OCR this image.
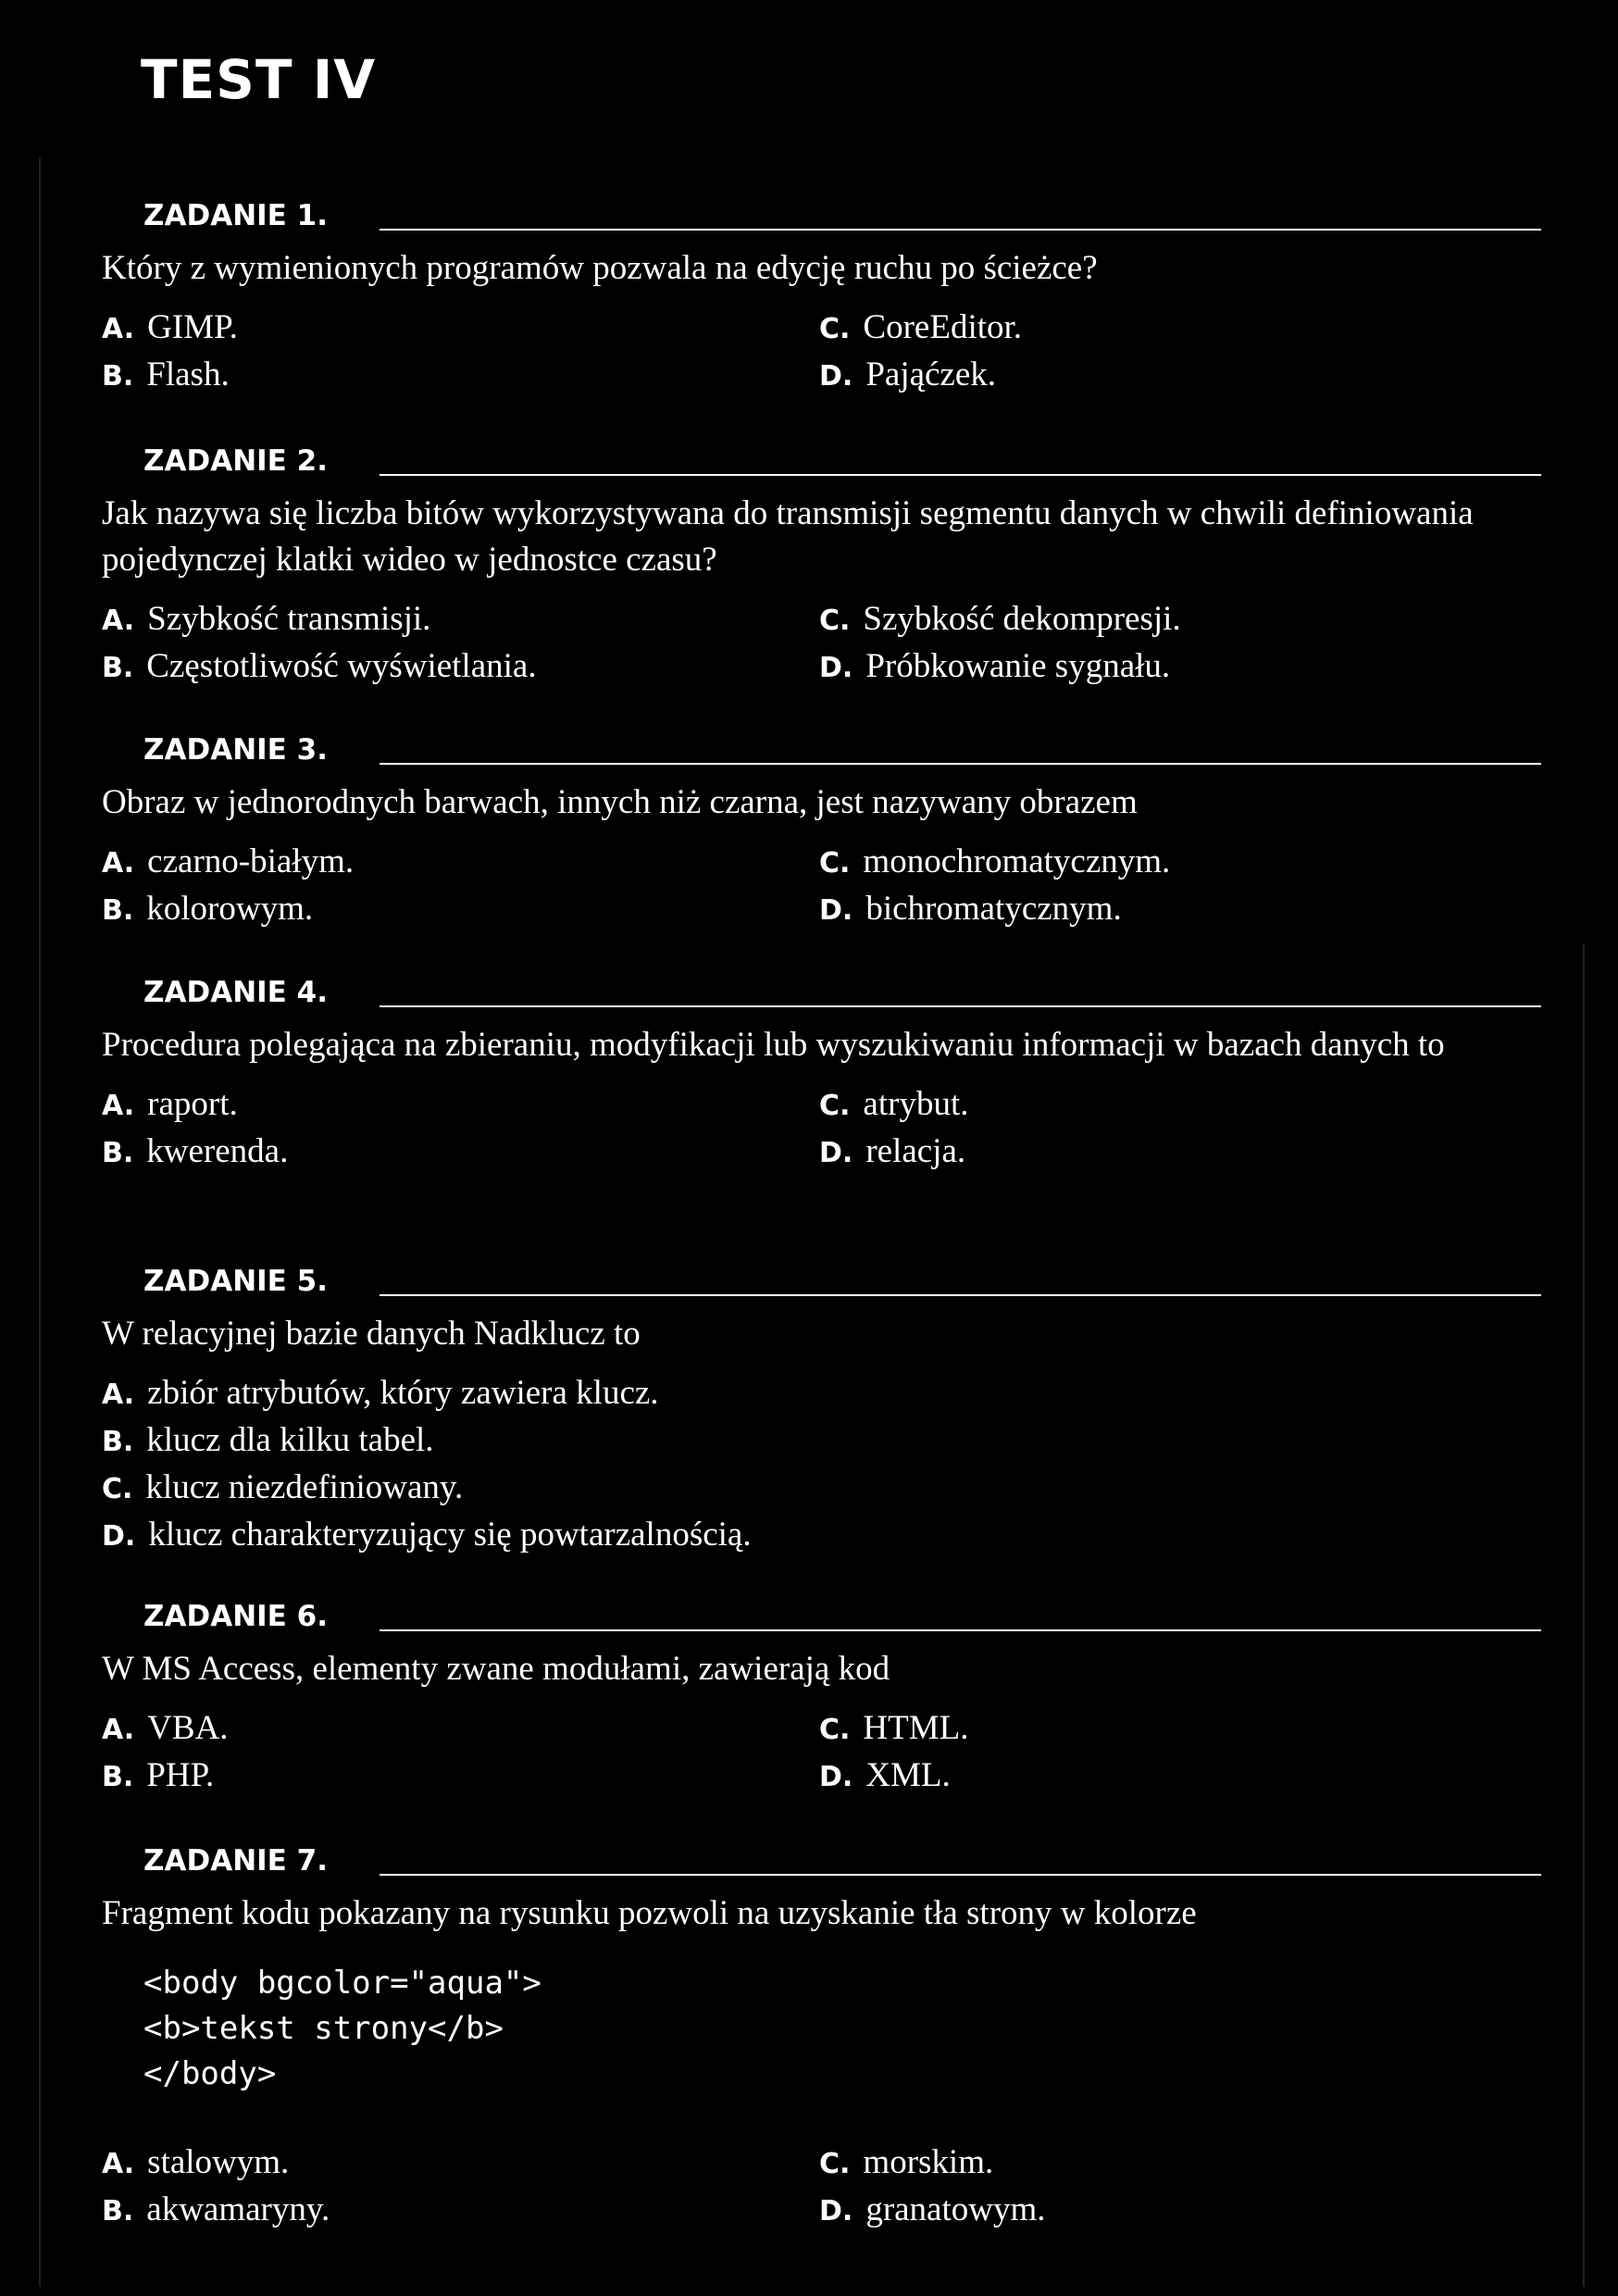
TEST IV
ZADANIE 1.

Który z wymienionych programów pozwala na edycję ruchu po ścieżce?

A. GIMP.	C. CoreEditor.
B. Flash.	D. Pająćzek.
ZADANIE 2.

Jak nazywa się liczba bitów wykorzystywana do transmisji segmentu danych w chwili definiowania pojedynczej klatki wideo w jednostce czasu?

A. Szybkość transmisji.	C. Szybkość dekompresji.
B. Częstotliwość wyświetlania.	D. Próbkowanie sygnału.
ZADANIE 3.

Obraz w jednorodnych barwach, innych niż czarna, jest nazywany obrazem

A. czarno-białym.	C. monochromatycznym.
B. kolorowym.	D. bichromatycznym.
ZADANIE 4.

Procedura polegająca na zbieraniu, modyfikacji lub wyszukiwaniu informacji w bazach danych to

A. raport.	C. atrybut.
B. kwerenda.	D. relacja.
ZADANIE 5.

W relacyjnej bazie danych Nadklucz to

A. zbiór atrybutów, który zawiera klucz.
B. klucz dla kilku tabel.
C. klucz niezdefiniowany.
D. klucz charakteryzujący się powtarzalnością.
ZADANIE 6.

W MS Access, elementy zwane modułami, zawierają kod

A. VBA.	C. HTML.
B. PHP.	D. XML.
ZADANIE 7.

Fragment kodu pokazany na rysunku pozwoli na uzyskanie tła strony w kolorze

<body bgcolor="aqua">
<b>tekst strony</b>
</body>
A. stalowym.	C. morskim.
B. akwamaryny.	D. granatowym.
